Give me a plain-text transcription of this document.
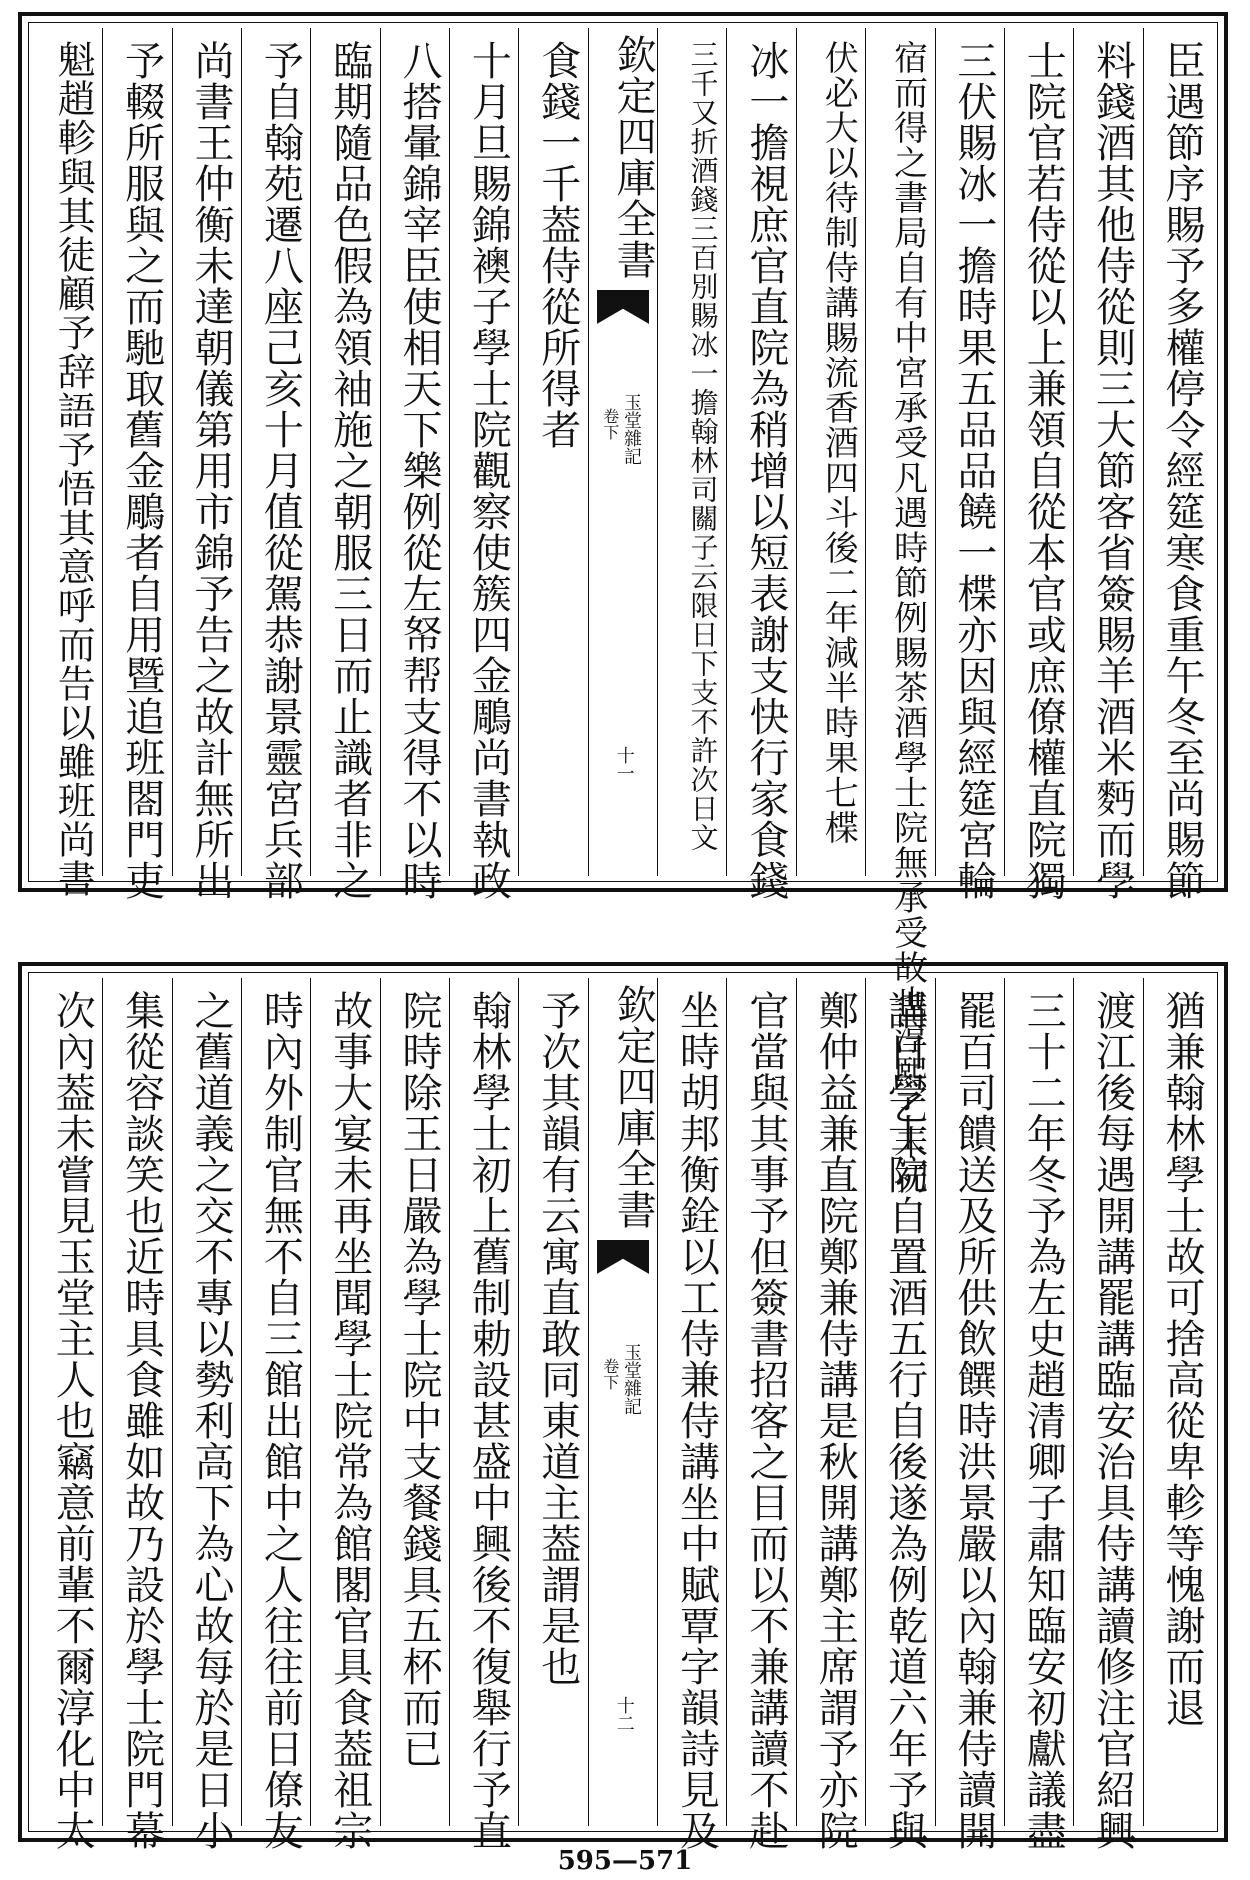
臣遇節序賜予多權停令經筵寒食重午冬至尚賜節
料錢酒其他侍從則三大節客省簽賜羊酒米麪而學
士院官若侍從以上兼領自從本官或庶僚權直院獨
三伏賜冰一擔時果五品品饒一楪亦因與經筵宮輪
宿而得之書局自有中宮承受凡遇時節例賜茶酒學士院無承受故也淳熙乙未初
伏必大以待制侍講賜流香酒四斗後二年減半時果七楪
冰一擔視庶官直院為稍增以短表謝支快行家食錢
三千又折酒錢三百別賜冰一擔翰林司關子云限日下支不許次日文
欽定四庫全書
玉堂雜記
卷下
十一
食錢一千葢侍從所得者
十月旦賜錦襖子學士院觀察使簇四金鵰尚書執政
八搭暈錦宰臣使相天下樂例從左帑帮支得不以時
臨期隨品色假為領袖施之朝服三日而止識者非之
予自翰苑遷八座己亥十月值從駕恭謝景靈宮兵部
尚書王仲衡未達朝儀第用市錦予告之故計無所出
予輟所服與之而馳取舊金鵰者自用暨追班閤門吏
魁趙軫與其徒顧予辞語予悟其意呼而告以雖班尚書
猶兼翰林學士故可捨高從卑軫等愧謝而退
渡江後每遇開講罷講臨安治具侍講讀修注官紹興
三十二年冬予為左史趙清卿子肅知臨安初獻議盡
罷百司饋送及所供飲饌時洪景嚴以內翰兼侍讀開
講日學士院自置酒五行自後遂為例乾道六年予與
鄭仲益兼直院鄭兼侍講是秋開講鄭主席謂予亦院
官當與其事予但簽書招客之目而以不兼講讀不赴
坐時胡邦衡銓以工侍兼侍講坐中賦覃字韻詩見及
欽定四庫全書
玉堂雜記
卷下
十二
予次其韻有云寓直敢同東道主葢謂是也
翰林學士初上舊制勅設甚盛中興後不復舉行予直
院時除王日嚴為學士院中支餐錢具五杯而已
故事大宴未再坐聞學士院常為館閣官具食葢祖宗
時內外制官無不自三館出館中之人往往前日僚友
之舊道義之交不專以勢利高下為心故每於是日小
集從容談笑也近時具食雖如故乃設於學士院門幕
次內葢未嘗見玉堂主人也竊意前輩不爾淳化中太
595—571
